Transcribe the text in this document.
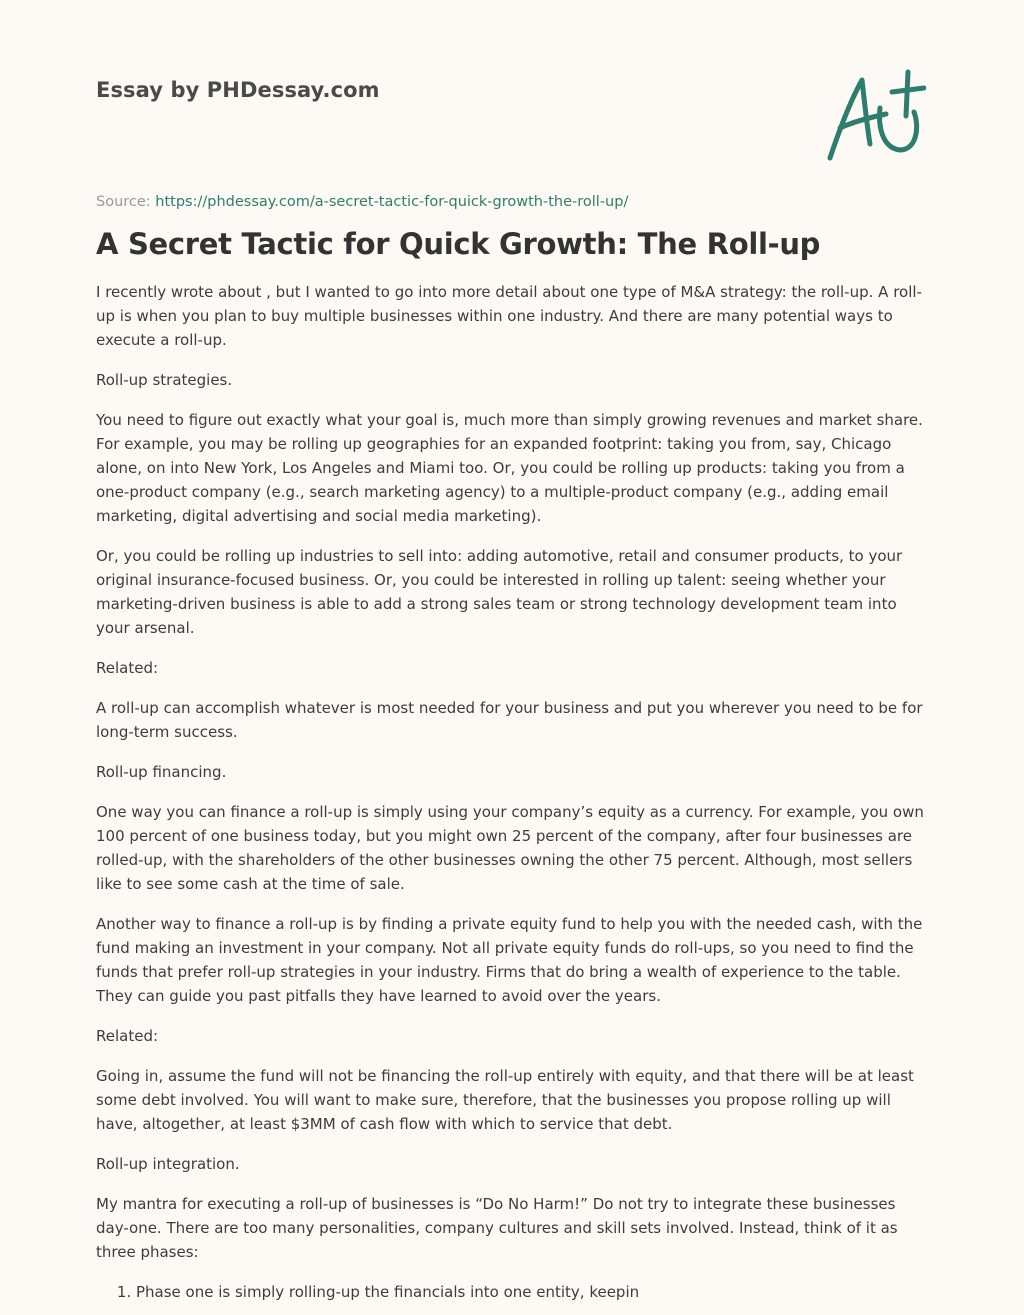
Essay by PHDessay.com
Source: https://phdessay.com/a-secret-tactic-for-quick-growth-the-roll-up/
A Secret Tactic for Quick Growth: The Roll-up

I recently wrote about , but I wanted to go into more detail about one type of M&A strategy: the roll-up. A roll-up is when you plan to buy multiple businesses within one industry. And there are many potential ways to execute a roll-up.

Roll-up strategies.

You need to figure out exactly what your goal is, much more than simply growing revenues and market share. For example, you may be rolling up geographies for an expanded footprint: taking you from, say, Chicago alone, on into New York, Los Angeles and Miami too. Or, you could be rolling up products: taking you from a one-product company (e.g., search marketing agency) to a multiple-product company (e.g., adding email marketing, digital advertising and social media marketing).

Or, you could be rolling up industries to sell into: adding automotive, retail and consumer products, to your original insurance-focused business. Or, you could be interested in rolling up talent: seeing whether your marketing-driven business is able to add a strong sales team or strong technology development team into your arsenal.

Related:

A roll-up can accomplish whatever is most needed for your business and put you wherever you need to be for long-term success.

Roll-up financing.

One way you can finance a roll-up is simply using your company’s equity as a currency. For example, you own 100 percent of one business today, but you might own 25 percent of the company, after four businesses are rolled-up, with the shareholders of the other businesses owning the other 75 percent. Although, most sellers like to see some cash at the time of sale.

Another way to finance a roll-up is by finding a private equity fund to help you with the needed cash, with the fund making an investment in your company. Not all private equity funds do roll-ups, so you need to find the funds that prefer roll-up strategies in your industry. Firms that do bring a wealth of experience to the table. They can guide you past pitfalls they have learned to avoid over the years.

Related:

Going in, assume the fund will not be financing the roll-up entirely with equity, and that there will be at least some debt involved. You will want to make sure, therefore, that the businesses you propose rolling up will have, altogether, at least $3MM of cash flow with which to service that debt.

Roll-up integration.

My mantra for executing a roll-up of businesses is “Do No Harm!” Do not try to integrate these businesses day-one. There are too many personalities, company cultures and skill sets involved. Instead, think of it as three phases:

1. Phase one is simply rolling-up the financials into one entity, keepin
